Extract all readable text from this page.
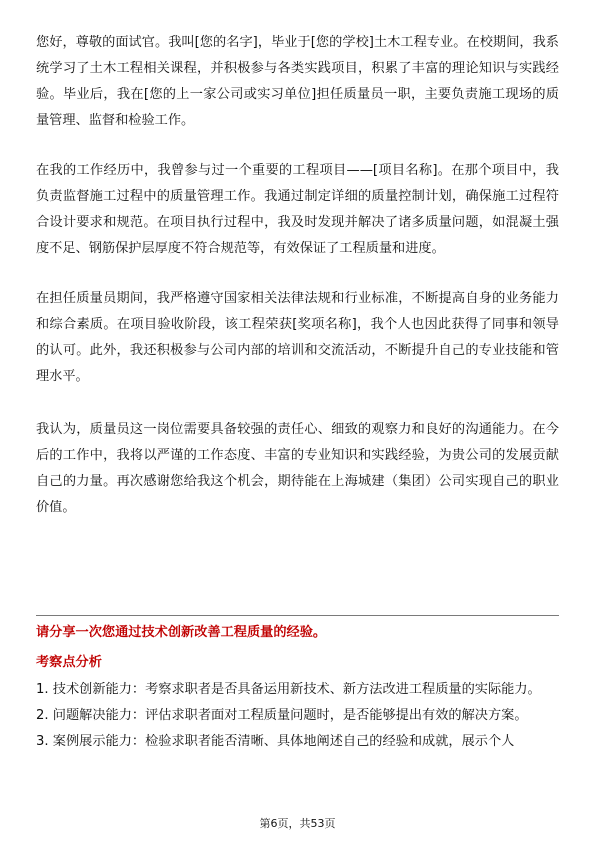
您好，尊敬的面试官。我叫[您的名字]，毕业于[您的学校]土木工程专业。在校期间，我系统学习了土木工程相关课程，并积极参与各类实践项目，积累了丰富的理论知识与实践经验。毕业后，我在[您的上一家公司或实习单位]担任质量员一职，主要负责施工现场的质量管理、监督和检验工作。

在我的工作经历中，我曾参与过一个重要的工程项目——[项目名称]。在那个项目中，我负责监督施工过程中的质量管理工作。我通过制定详细的质量控制计划，确保施工过程符合设计要求和规范。在项目执行过程中，我及时发现并解决了诸多质量问题，如混凝土强度不足、钢筋保护层厚度不符合规范等，有效保证了工程质量和进度。

在担任质量员期间，我严格遵守国家相关法律法规和行业标准，不断提高自身的业务能力和综合素质。在项目验收阶段，该工程荣获[奖项名称]，我个人也因此获得了同事和领导的认可。此外，我还积极参与公司内部的培训和交流活动，不断提升自己的专业技能和管理水平。

我认为，质量员这一岗位需要具备较强的责任心、细致的观察力和良好的沟通能力。在今后的工作中，我将以严谨的工作态度、丰富的专业知识和实践经验，为贵公司的发展贡献自己的力量。再次感谢您给我这个机会，期待能在上海城建（集团）公司实现自己的职业价值。

请分享一次您通过技术创新改善工程质量的经验。

考察点分析

1. 技术创新能力：考察求职者是否具备运用新技术、新方法改进工程质量的实际能力。

2. 问题解决能力：评估求职者面对工程质量问题时，是否能够提出有效的解决方案。

3. 案例展示能力：检验求职者能否清晰、具体地阐述自己的经验和成就，展示个人

第6页，共53页
